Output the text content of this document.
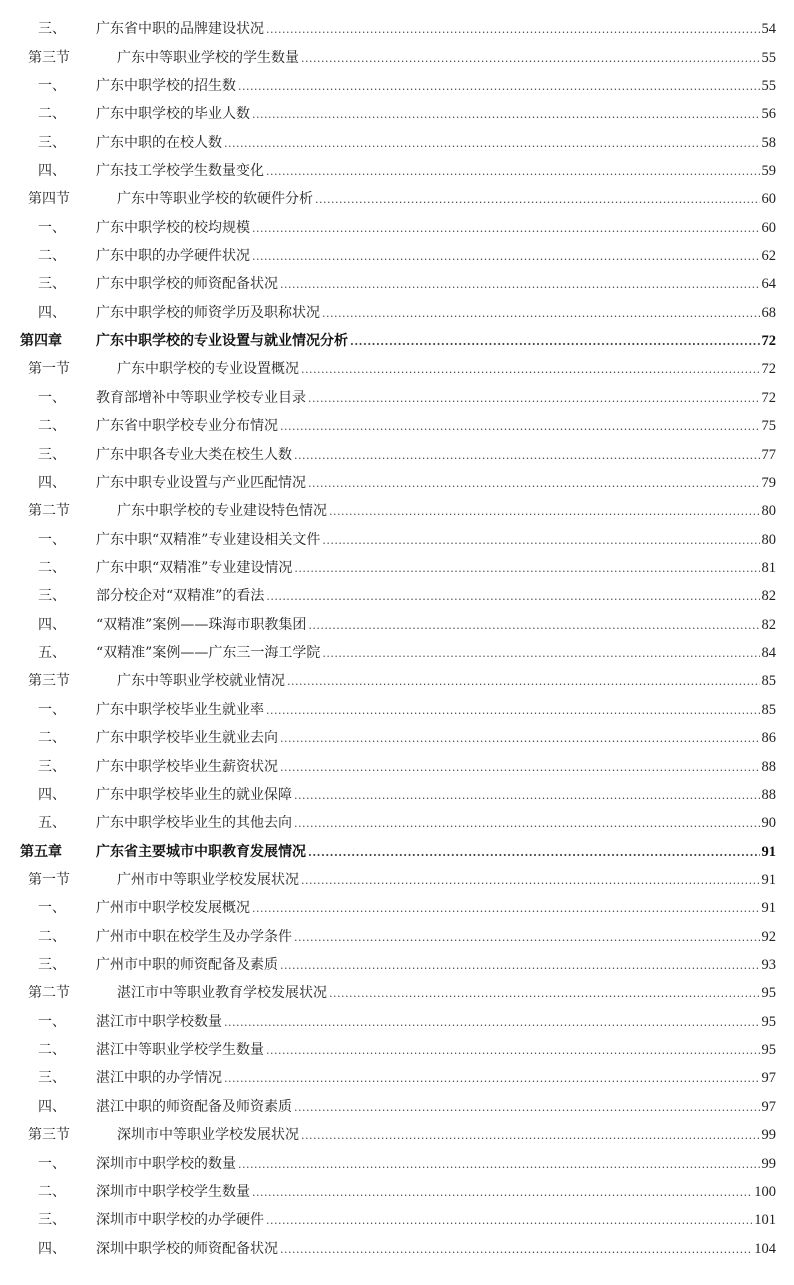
三、 广东省中职的品牌建设状况 .....	54
第三节	广东中等职业学校的学生数量 .....	55
一、 广东中职学校的招生数 .....	55
二、 广东中职学校的毕业人数 .....	56
三、 广东中职的在校人数 .....	58
四、 广东技工学校学生数量变化 .....	59
第四节	广东中等职业学校的软硬件分析 .....	60
一、 广东中职学校的校均规模 .....	60
二、 广东中职的办学硬件状况 .....	62
三、 广东中职学校的师资配备状况 .....	64
四、 广东中职学校的师资学历及职称状况 .....	68
第四章 广东中职学校的专业设置与就业情况分析 .....	72
第一节	广东中职学校的专业设置概况 .....	72
一、 教育部增补中等职业学校专业目录 .....	72
二、 广东省中职学校专业分布情况 .....	75
三、 广东中职各专业大类在校生人数 .....	77
四、 广东中职专业设置与产业匹配情况 .....	79
第二节	广东中职学校的专业建设特色情况 .....	80
一、 广东中职“双精准”专业建设相关文件 .....	80
二、 广东中职“双精准”专业建设情况 .....	81
三、 部分校企对“双精准”的看法 .....	82
四、 “双精准”案例——珠海市职教集团 .....	82
五、 “双精准”案例——广东三一海工学院 .....	84
第三节	广东中等职业学校就业情况 .....	85
一、 广东中职学校毕业生就业率 .....	85
二、 广东中职学校毕业生就业去向 .....	86
三、 广东中职学校毕业生薪资状况 .....	88
四、 广东中职学校毕业生的就业保障 .....	88
五、 广东中职学校毕业生的其他去向 .....	90
第五章 广东省主要城市中职教育发展情况 .....	91
第一节	广州市中等职业学校发展状况 .....	91
一、 广州市中职学校发展概况 .....	91
二、 广州市中职在校学生及办学条件 .....	92
三、 广州市中职的师资配备及素质 .....	93
第二节	湛江市中等职业教育学校发展状况 .....	95
一、 湛江市中职学校数量 .....	95
二、 湛江中等职业学校学生数量 .....	95
三、 湛江中职的办学情况 .....	97
四、 湛江中职的师资配备及师资素质 .....	97
第三节	深圳市中等职业学校发展状况 .....	99
一、 深圳市中职学校的数量 .....	99
二、 深圳市中职学校学生数量 .....	100
三、 深圳市中职学校的办学硬件 .....	101
四、 深圳中职学校的师资配备状况 .....	104
